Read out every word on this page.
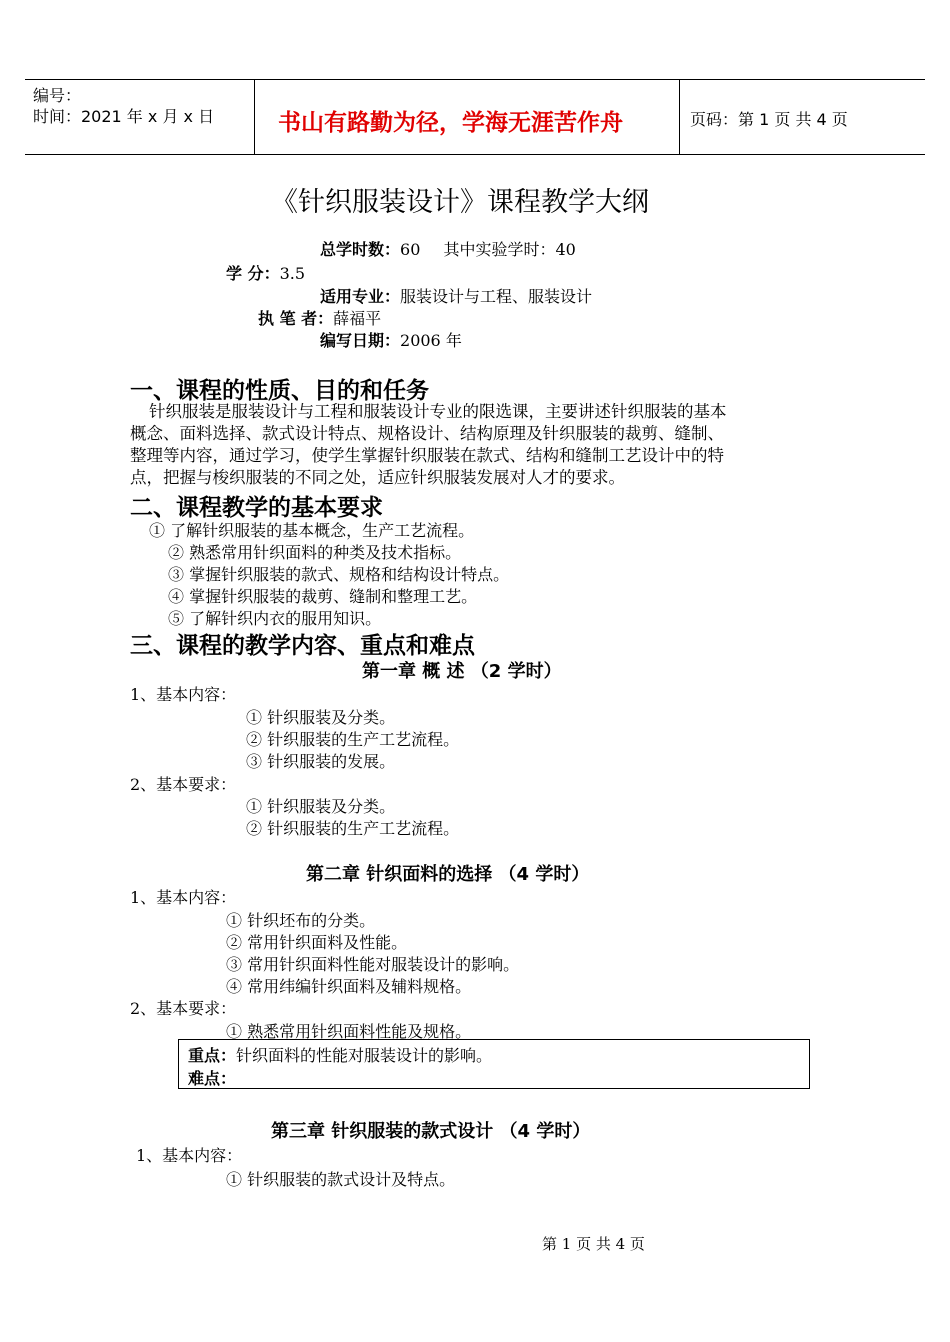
编号：
时间：2021 年 x 月 x 日	书山有路勤为径，学海无涯苦作舟	页码：第 1 页 共 4 页
《针织服装设计》课程教学大纲
总学时数：60 其中实验学时：40
学 分：3.5
适用专业：服装设计与工程、服装设计
执 笔 者：薛福平
编写日期：2006 年
一、课程的性质、目的和任务
针织服装是服装设计与工程和服装设计专业的限选课，主要讲述针织服装的基本
概念、面料选择、款式设计特点、规格设计、结构原理及针织服装的裁剪、缝制、
整理等内容，通过学习，使学生掌握针织服装在款式、结构和缝制工艺设计中的特
点，把握与梭织服装的不同之处，适应针织服装发展对人才的要求。
二、课程教学的基本要求
① 了解针织服装的基本概念，生产工艺流程。
② 熟悉常用针织面料的种类及技术指标。
③ 掌握针织服装的款式、规格和结构设计特点。
④ 掌握针织服装的裁剪、缝制和整理工艺。
⑤ 了解针织内衣的服用知识。
三、课程的教学内容、重点和难点
第一章 概 述 （2 学时）
1、基本内容：
① 针织服装及分类。
② 针织服装的生产工艺流程。
③ 针织服装的发展。
2、基本要求：
① 针织服装及分类。
② 针织服装的生产工艺流程。
第二章 针织面料的选择 （4 学时）
1、基本内容：
① 针织坯布的分类。
② 常用针织面料及性能。
③ 常用针织面料性能对服装设计的影响。
④ 常用纬编针织面料及辅料规格。
2、基本要求：
① 熟悉常用针织面料性能及规格。
重点：针织面料的性能对服装设计的影响。
难点：
第三章 针织服装的款式设计 （4 学时）
1、基本内容：
① 针织服装的款式设计及特点。
第 1 页 共 4 页
